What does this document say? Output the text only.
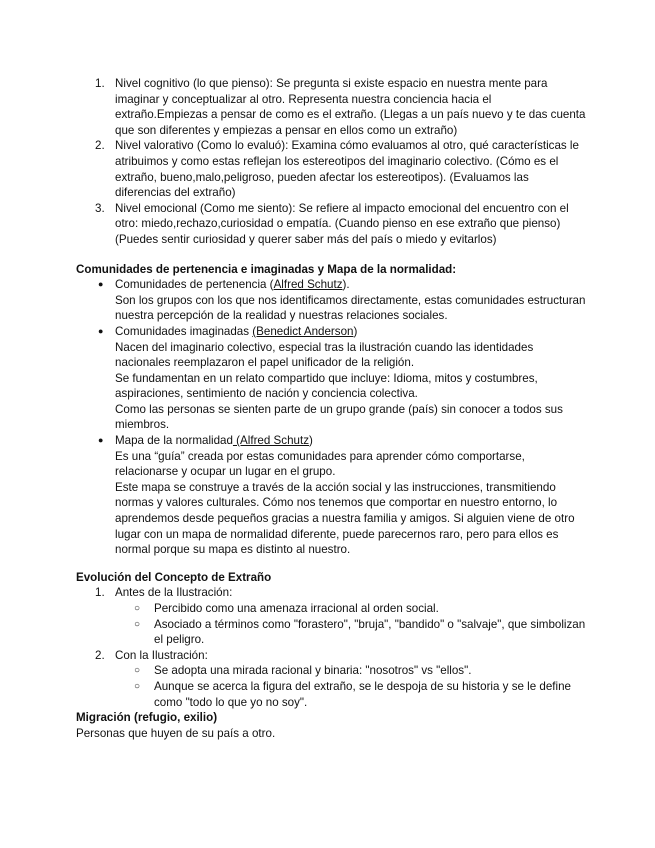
1. Nivel cognitivo (lo que pienso): Se pregunta si existe espacio en nuestra mente para imaginar y conceptualizar al otro. Representa nuestra conciencia hacia el extraño.Empiezas a pensar de como es el extraño. (Llegas a un país nuevo y te das cuenta que son diferentes y empiezas a pensar en ellos como un extraño)

2. Nivel valorativo (Como lo evaluó): Examina cómo evaluamos al otro, qué características le atribuimos y como estas reflejan los estereotipos del imaginario colectivo. (Cómo es el extraño, bueno,malo,peligroso, pueden afectar los estereotipos). (Evaluamos las diferencias del extraño)

3. Nivel emocional (Como me siento): Se refiere al impacto emocional del encuentro con el otro: miedo,rechazo,curiosidad o empatía. (Cuando pienso en ese extraño que pienso) (Puedes sentir curiosidad y querer saber más del país o miedo y evitarlos)

Comunidades de pertenencia e imaginadas y Mapa de la normalidad:

● Comunidades de pertenencia (Alfred Schutz).

Son los grupos con los que nos identificamos directamente, estas comunidades estructuran nuestra percepción de la realidad y nuestras relaciones sociales.

● Comunidades imaginadas (Benedict Anderson)

Nacen del imaginario colectivo, especial tras la ilustración cuando las identidades nacionales reemplazaron el papel unificador de la religión.

Se fundamentan en un relato compartido que incluye: Idioma, mitos y costumbres, aspiraciones, sentimiento de nación y conciencia colectiva.

Como las personas se sienten parte de un grupo grande (país) sin conocer a todos sus miembros.

● Mapa de la normalidad (Alfred Schutz)

Es una “guía” creada por estas comunidades para aprender cómo comportarse, relacionarse y ocupar un lugar en el grupo.

Este mapa se construye a través de la acción social y las instrucciones, transmitiendo normas y valores culturales. Cómo nos tenemos que comportar en nuestro entorno, lo aprendemos desde pequeños gracias a nuestra familia y amigos. Si alguien viene de otro lugar con un mapa de normalidad diferente, puede parecernos raro, pero para ellos es normal porque su mapa es distinto al nuestro.

Evolución del Concepto de Extraño

1. Antes de la Ilustración:

○ Percibido como una amenaza irracional al orden social.

○ Asociado a términos como "forastero", "bruja", "bandido" o "salvaje", que simbolizan el peligro.

2. Con la Ilustración:

○ Se adopta una mirada racional y binaria: "nosotros" vs "ellos".

○ Aunque se acerca la figura del extraño, se le despoja de su historia y se le define como "todo lo que yo no soy".

Migración (refugio, exilio)

Personas que huyen de su país a otro.
